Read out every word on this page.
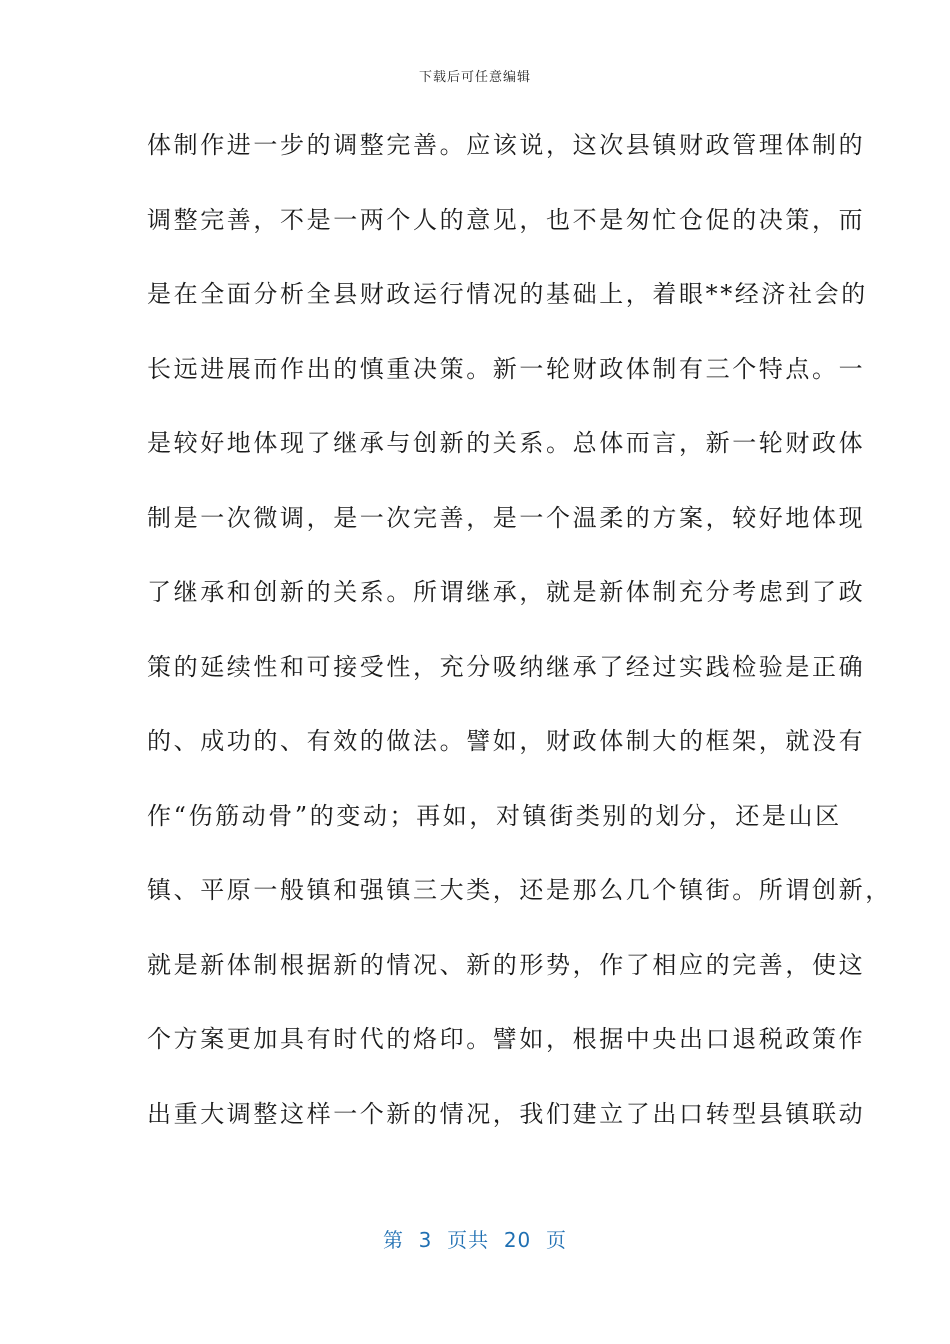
下载后可任意编辑
体制作进一步的调整完善。应该说，这次县镇财政管理体制的
调整完善，不是一两个人的意见，也不是匆忙仓促的决策，而
是在全面分析全县财政运行情况的基础上，着眼**经济社会的
长远进展而作出的慎重决策。新一轮财政体制有三个特点。一
是较好地体现了继承与创新的关系。总体而言，新一轮财政体
制是一次微调，是一次完善，是一个温柔的方案，较好地体现
了继承和创新的关系。所谓继承，就是新体制充分考虑到了政
策的延续性和可接受性，充分吸纳继承了经过实践检验是正确
的、成功的、有效的做法。譬如，财政体制大的框架，就没有
作“伤筋动骨”的变动；再如，对镇街类别的划分，还是山区
镇、平原一般镇和强镇三大类，还是那么几个镇街。所谓创新，
就是新体制根据新的情况、新的形势，作了相应的完善，使这
个方案更加具有时代的烙印。譬如，根据中央出口退税政策作
出重大调整这样一个新的情况，我们建立了出口转型县镇联动
第  3  页共  20  页
